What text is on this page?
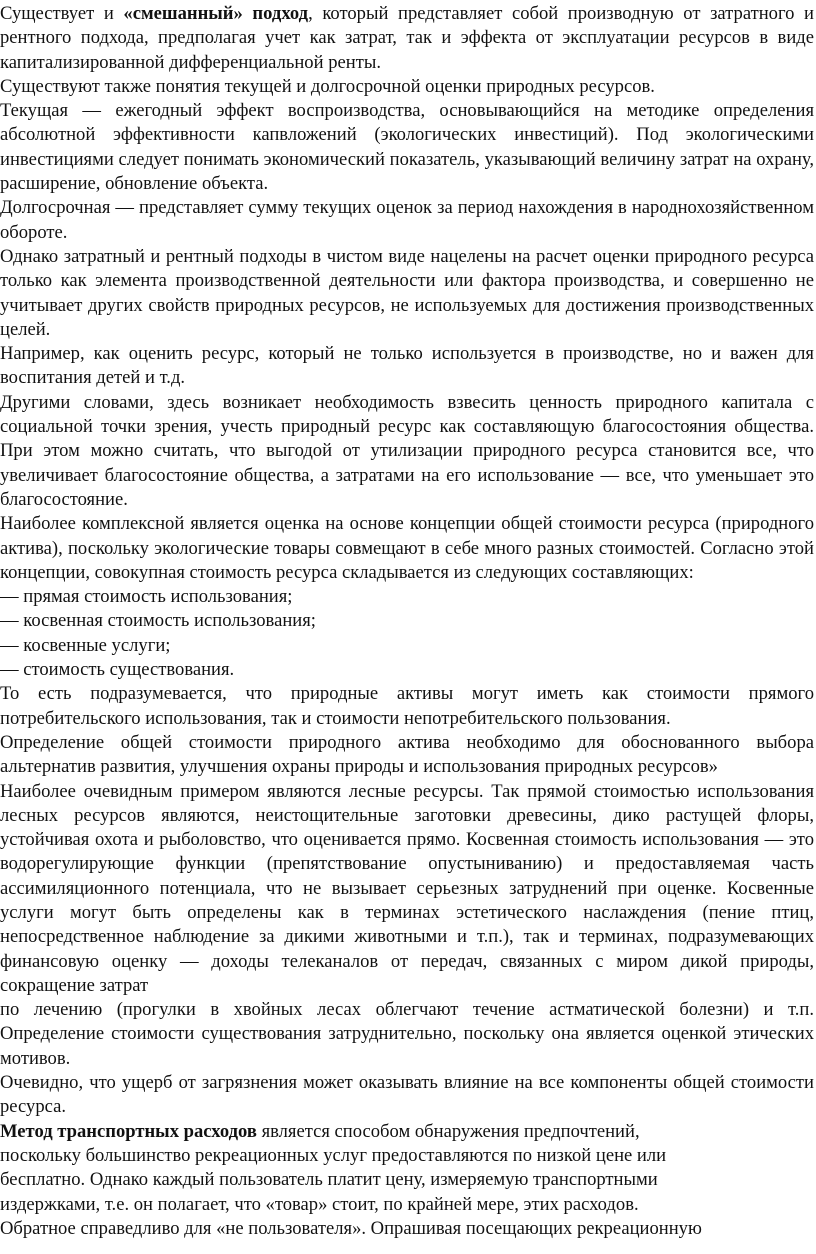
Существует и «смешанный» подход, который представляет собой производную от затратного и рентного подхода, предполагая учет как затрат, так и эффекта от эксплуатации ресурсов в виде капитализированной дифференциальной ренты.

Существуют также понятия текущей и долгосрочной оценки природных ресурсов.

Текущая — ежегодный эффект воспроизводства, основывающийся на методике определения абсолютной эффективности капвложений (экологических инвестиций). Под экологическими инвестициями следует понимать экономический показатель, указывающий величину затрат на охрану, расширение, обновление объекта.

Долгосрочная — представляет сумму текущих оценок за период нахождения в народнохозяйственном обороте.

Однако затратный и рентный подходы в чистом виде нацелены на расчет оценки природного ресурса только как элемента производственной деятельности или фактора производства, и совершенно не учитывает других свойств природных ресурсов, не используемых для достижения производственных целей.

Например, как оценить ресурс, который не только используется в производстве, но и важен для воспитания детей и т.д.

Другими словами, здесь возникает необходимость взвесить ценность природного капитала с социальной точки зрения, учесть природный ресурс как составляющую благосостояния общества. При этом можно считать, что выгодой от утилизации природного ресурса становится все, что увеличивает благосостояние общества, а затратами на его использование — все, что уменьшает это благосостояние.

Наиболее комплексной является оценка на основе концепции общей стоимости ресурса (природного актива), поскольку экологические товары совмещают в себе много разных стоимостей. Согласно этой концепции, совокупная стоимость ресурса складывается из следующих составляющих:

— прямая стоимость использования;
— косвенная стоимость использования;
— косвенные услуги;
— стоимость существования.

То есть подразумевается, что природные активы могут иметь как стоимости прямого потребительского использования, так и стоимости непотребительского пользования.

Определение общей стоимости природного актива необходимо для обоснованного выбора альтернатив развития, улучшения охраны природы и использования природных ресурсов»

Наиболее очевидным примером являются лесные ресурсы. Так прямой стоимостью использования лесных ресурсов являются, неистощительные заготовки древесины, дико растущей флоры, устойчивая охота и рыболовство, что оценивается прямо. Косвенная стоимость использования — это водорегулирующие функции (препятствование опустыниванию) и предоставляемая часть ассимиляционного потенциала, что не вызывает серьезных затруднений при оценке. Косвенные услуги могут быть определены как в терминах эстетического наслаждения (пение птиц, непосредственное наблюдение за дикими животными и т.п.), так и терминах, подразумевающих финансовую оценку — доходы телеканалов от передач, связанных с миром дикой природы, сокращение затрат

по лечению (прогулки в хвойных лесах облегчают течение астматической болезни) и т.п. Определение стоимости существования затруднительно, поскольку она является оценкой этических мотивов.

Очевидно, что ущерб от загрязнения может оказывать влияние на все компоненты общей стоимости ресурса.

Метод транспортных расходов является способом обнаружения предпочтений,
поскольку большинство рекреационных услуг предоставляются по низкой цене или
бесплатно. Однако каждый пользователь платит цену, измеряемую транспортными
издержками, т.е. он полагает, что «товар» стоит, по крайней мере, этих расходов.
Обратное справедливо для «не пользователя». Опрашивая посещающих рекреационную
